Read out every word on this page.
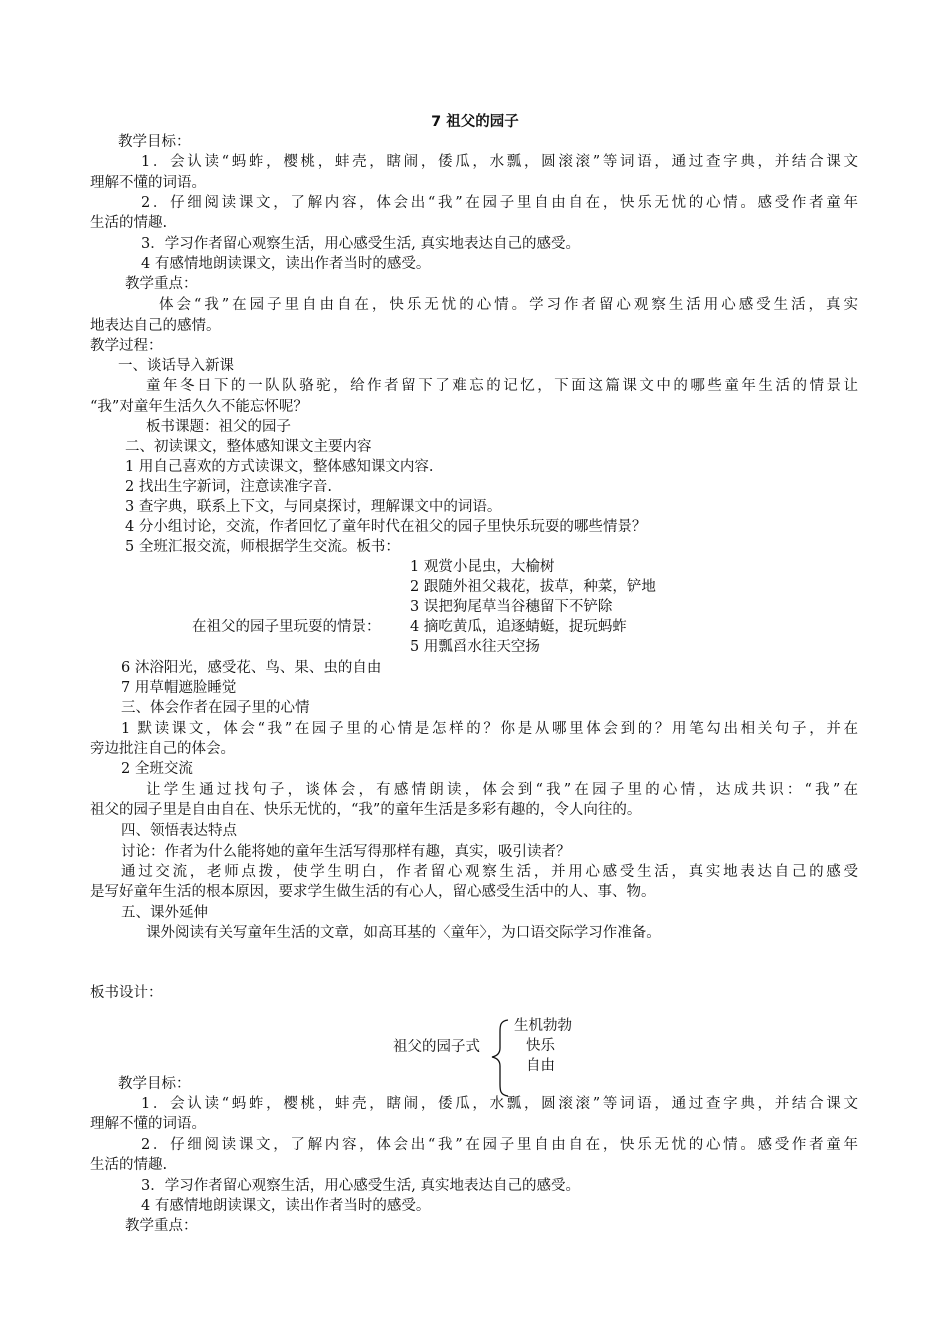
7 祖父的园子
教学目标：
1．会认读“蚂蚱，樱桃，蚌壳，瞎闹，倭瓜，水瓢，圆滚滚”等词语，通过查字典，并结合课文
理解不懂的词语。
2．仔细阅读课文，了解内容，体会出“我”在园子里自由自在，快乐无忧的心情。感受作者童年
生活的情趣.
3．学习作者留心观察生活，用心感受生活, 真实地表达自己的感受。
4 有感情地朗读课文，读出作者当时的感受。
教学重点：
体会“我”在园子里自由自在，快乐无忧的心情。学习作者留心观察生活用心感受生活，真实
地表达自己的感情。
教学过程：
一、谈话导入新课
童年冬日下的一队队骆驼，给作者留下了难忘的记忆，下面这篇课文中的哪些童年生活的情景让
“我”对童年生活久久不能忘怀呢？
板书课题：祖父的园子
二、初读课文，整体感知课文主要内容
1 用自己喜欢的方式读课文，整体感知课文内容.
2 找出生字新词，注意读准字音.
3 查字典，联系上下文，与同桌探讨，理解课文中的词语。
4 分小组讨论，交流，作者回忆了童年时代在祖父的园子里快乐玩耍的哪些情景？
5 全班汇报交流，师根据学生交流。板书：
1 观赏小昆虫，大榆树
2 跟随外祖父栽花，拔草，种菜，铲地
3 误把狗尾草当谷穗留下不铲除
在祖父的园子里玩耍的情景：	4 摘吃黄瓜，追逐蜻蜓，捉玩蚂蚱
5 用瓢舀水往天空扬
6 沐浴阳光，感受花、鸟、果、虫的自由
7 用草帽遮脸睡觉
三、体会作者在园子里的心情
1 默读课文，体会“我”在园子里的心情是怎样的？你是从哪里体会到的？用笔勾出相关句子，并在
旁边批注自己的体会。
2 全班交流
让学生通过找句子，谈体会，有感情朗读，体会到“我”在园子里的心情，达成共识：“我”在
祖父的园子里是自由自在、快乐无忧的，“我”的童年生活是多彩有趣的，令人向往的。
四、领悟表达特点
讨论：作者为什么能将她的童年生活写得那样有趣，真实，吸引读者？
通过交流，老师点拨，使学生明白，作者留心观察生活，并用心感受生活，真实地表达自己的感受
是写好童年生活的根本原因，要求学生做生活的有心人，留心感受生活中的人、事、物。
五、课外延伸
课外阅读有关写童年生活的文章，如高耳基的〈童年〉，为口语交际学习作准备。
板书设计：
祖父的园子式
生机勃勃
快乐
自由
教学目标：
1．会认读“蚂蚱，樱桃，蚌壳，瞎闹，倭瓜，水瓢，圆滚滚”等词语，通过查字典，并结合课文
理解不懂的词语。
2．仔细阅读课文，了解内容，体会出“我”在园子里自由自在，快乐无忧的心情。感受作者童年
生活的情趣.
3．学习作者留心观察生活，用心感受生活, 真实地表达自己的感受。
4 有感情地朗读课文，读出作者当时的感受。
教学重点：
